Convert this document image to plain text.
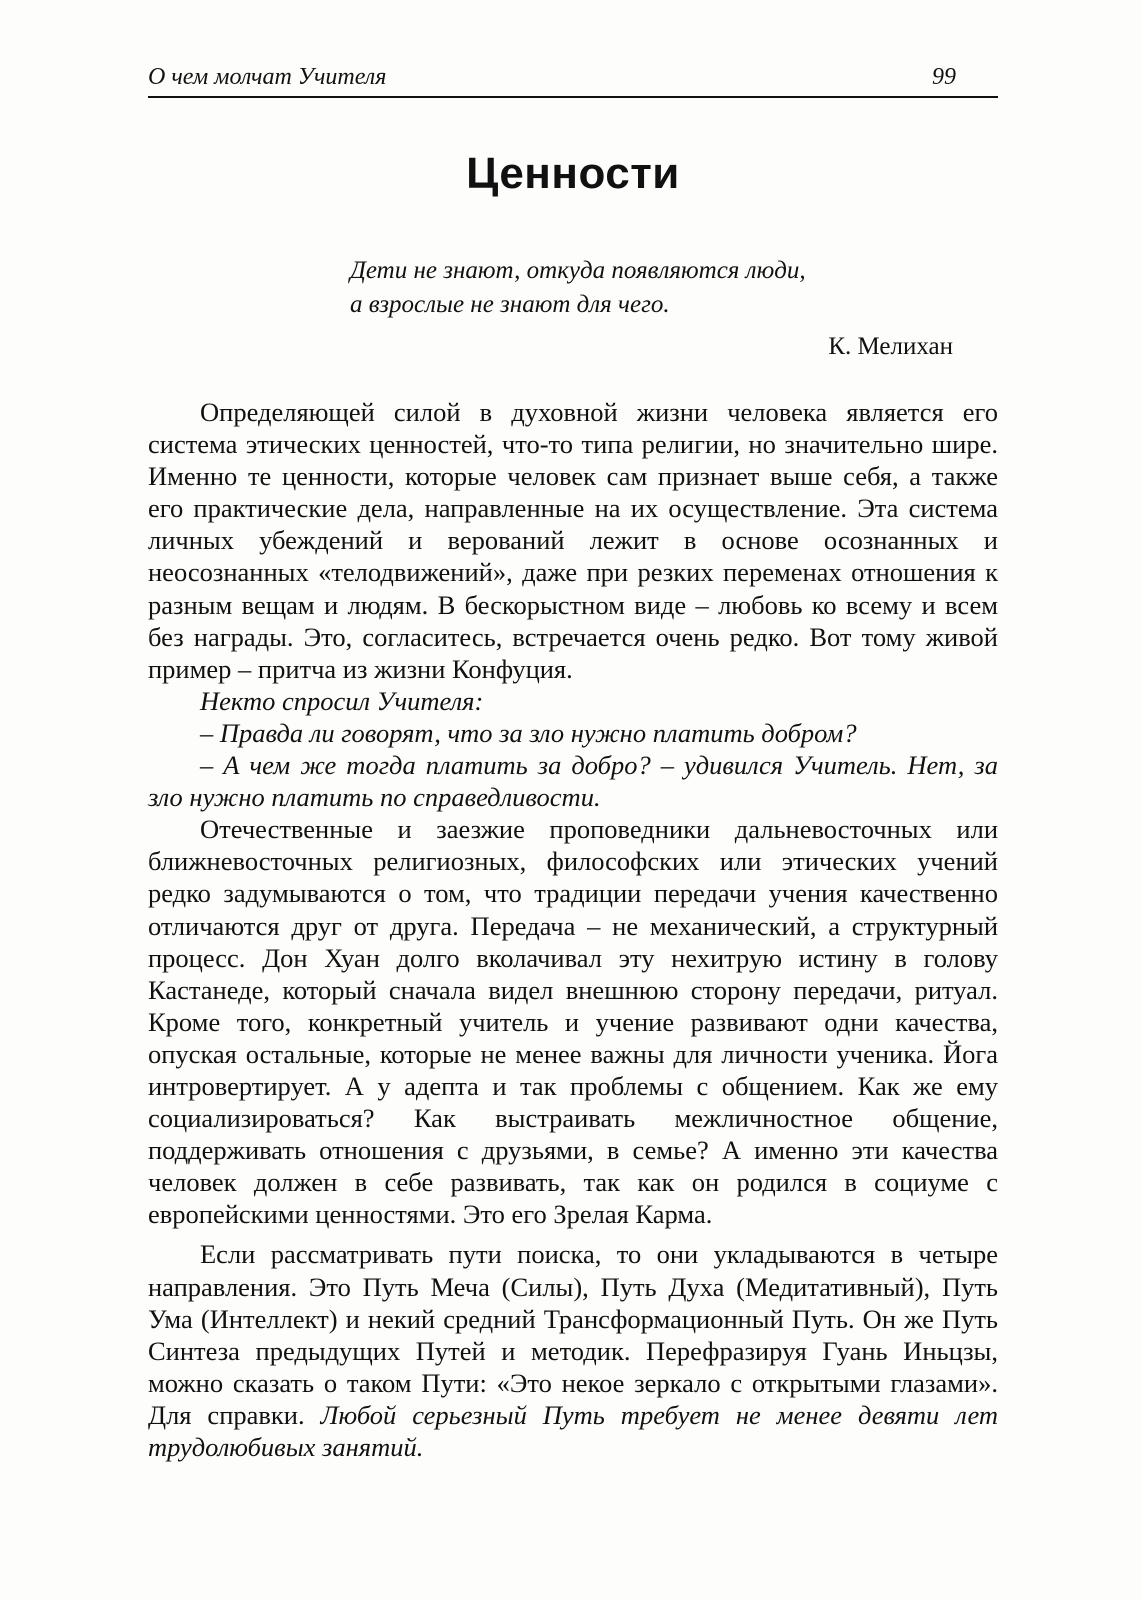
О чем молчат Учителя	99
Ценности
Дети не знают, откуда появляются люди,
а взрослые не знают для чего.
К. Мелихан

Определяющей силой в духовной жизни человека является его система этических ценностей, что-то типа религии, но значительно шире. Именно те ценности, которые человек сам признает выше себя, а также его практические дела, направленные на их осуществление. Эта система личных убеждений и верований лежит в основе осознанных и неосознанных «телодвижений», даже при резких переменах отношения к разным вещам и людям. В бескорыстном виде – любовь ко всему и всем без награды. Это, согласитесь, встречается очень редко. Вот тому живой пример – притча из жизни Конфуция.

Некто спросил Учителя:

– Правда ли говорят, что за зло нужно платить добром?

– А чем же тогда платить за добро? – удивился Учитель. Нет, за зло нужно платить по справедливости.

Отечественные и заезжие проповедники дальневосточных или ближневосточных религиозных, философских или этических учений редко задумываются о том, что традиции передачи учения качественно отличаются друг от друга. Передача – не механический, а структурный процесс. Дон Хуан долго вколачивал эту нехитрую истину в голову Кастанеде, который сначала видел внешнюю сторону передачи, ритуал. Кроме того, конкретный учитель и учение развивают одни качества, опуская остальные, которые не менее важны для личности ученика. Йога интровертирует. А у адепта и так проблемы с общением. Как же ему социализироваться? Как выстраивать межличностное общение, поддерживать отношения с друзьями, в семье? А именно эти качества человек должен в себе развивать, так как он родился в социуме с европейскими ценностями. Это его Зрелая Карма.

Если рассматривать пути поиска, то они укладываются в четыре направления. Это Путь Меча (Силы), Путь Духа (Медитативный), Путь Ума (Интеллект) и некий средний Трансформационный Путь. Он же Путь Синтеза предыдущих Путей и методик. Перефразируя Гуань Иньцзы, можно сказать о таком Пути: «Это некое зеркало с открытыми глазами». Для справки. Любой серьезный Путь требует не менее девяти лет трудолюбивых занятий.
